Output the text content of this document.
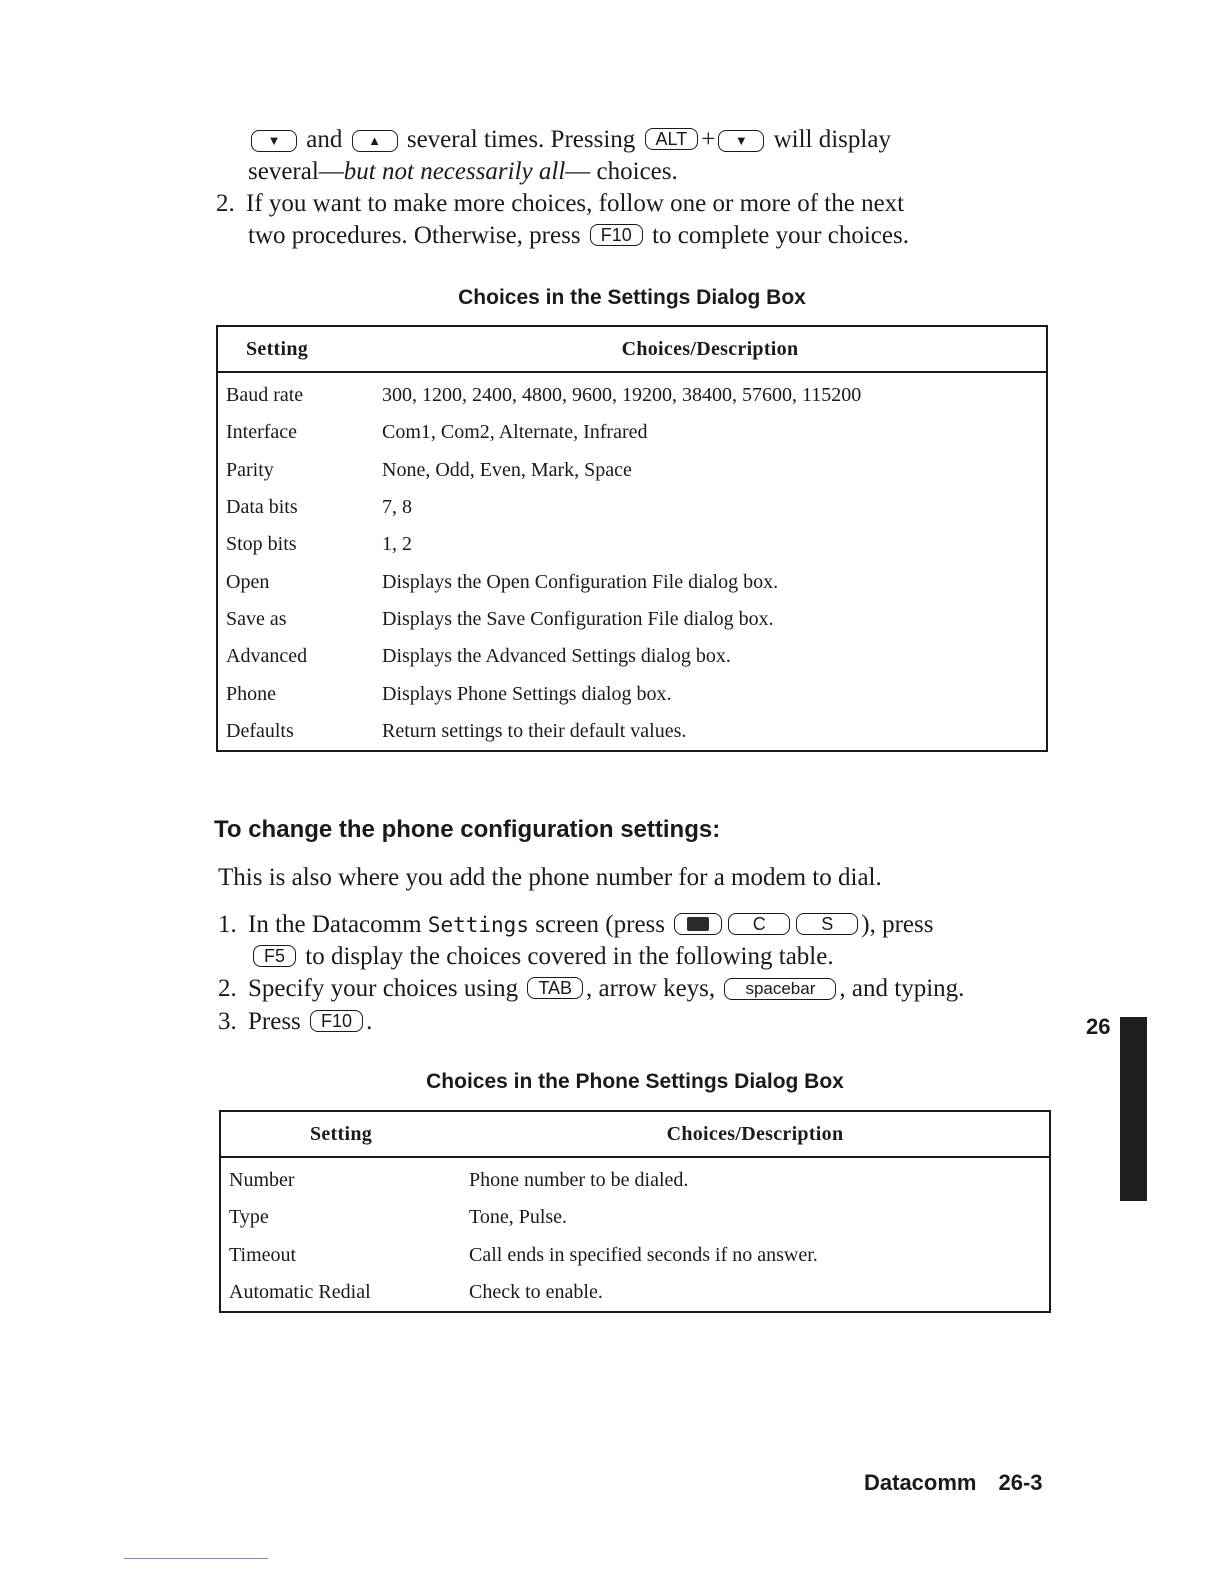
▼ and ▲ several times. Pressing ALT + ▼ will display
several—but not necessarily all— choices.
2. If you want to make more choices, follow one or more of the next
two procedures. Otherwise, press F10 to complete your choices.
Choices in the Settings Dialog Box
Setting	Choices/Description
Baud rate	300, 1200, 2400, 4800, 9600, 19200, 38400, 57600, 115200
Interface	Com1, Com2, Alternate, Infrared
Parity	None, Odd, Even, Mark, Space
Data bits	7, 8
Stop bits	1, 2
Open	Displays the Open Configuration File dialog box.
Save as	Displays the Save Configuration File dialog box.
Advanced	Displays the Advanced Settings dialog box.
Phone	Displays Phone Settings dialog box.
Defaults	Return settings to their default values.
To change the phone configuration settings:
This is also where you add the phone number for a modem to dial.
1. In the Datacomm Settings screen (press	C	S ), press
F5 to display the choices covered in the following table.
2. Specify your choices using TAB , arrow keys, spacebar , and typing.
3. Press F10 .
Choices in the Phone Settings Dialog Box
Setting	Choices/Description
Number	Phone number to be dialed.
Type	Tone, Pulse.
Timeout	Call ends in specified seconds if no answer.
Automatic Redial	Check to enable.
26
Datacomm 26-3
